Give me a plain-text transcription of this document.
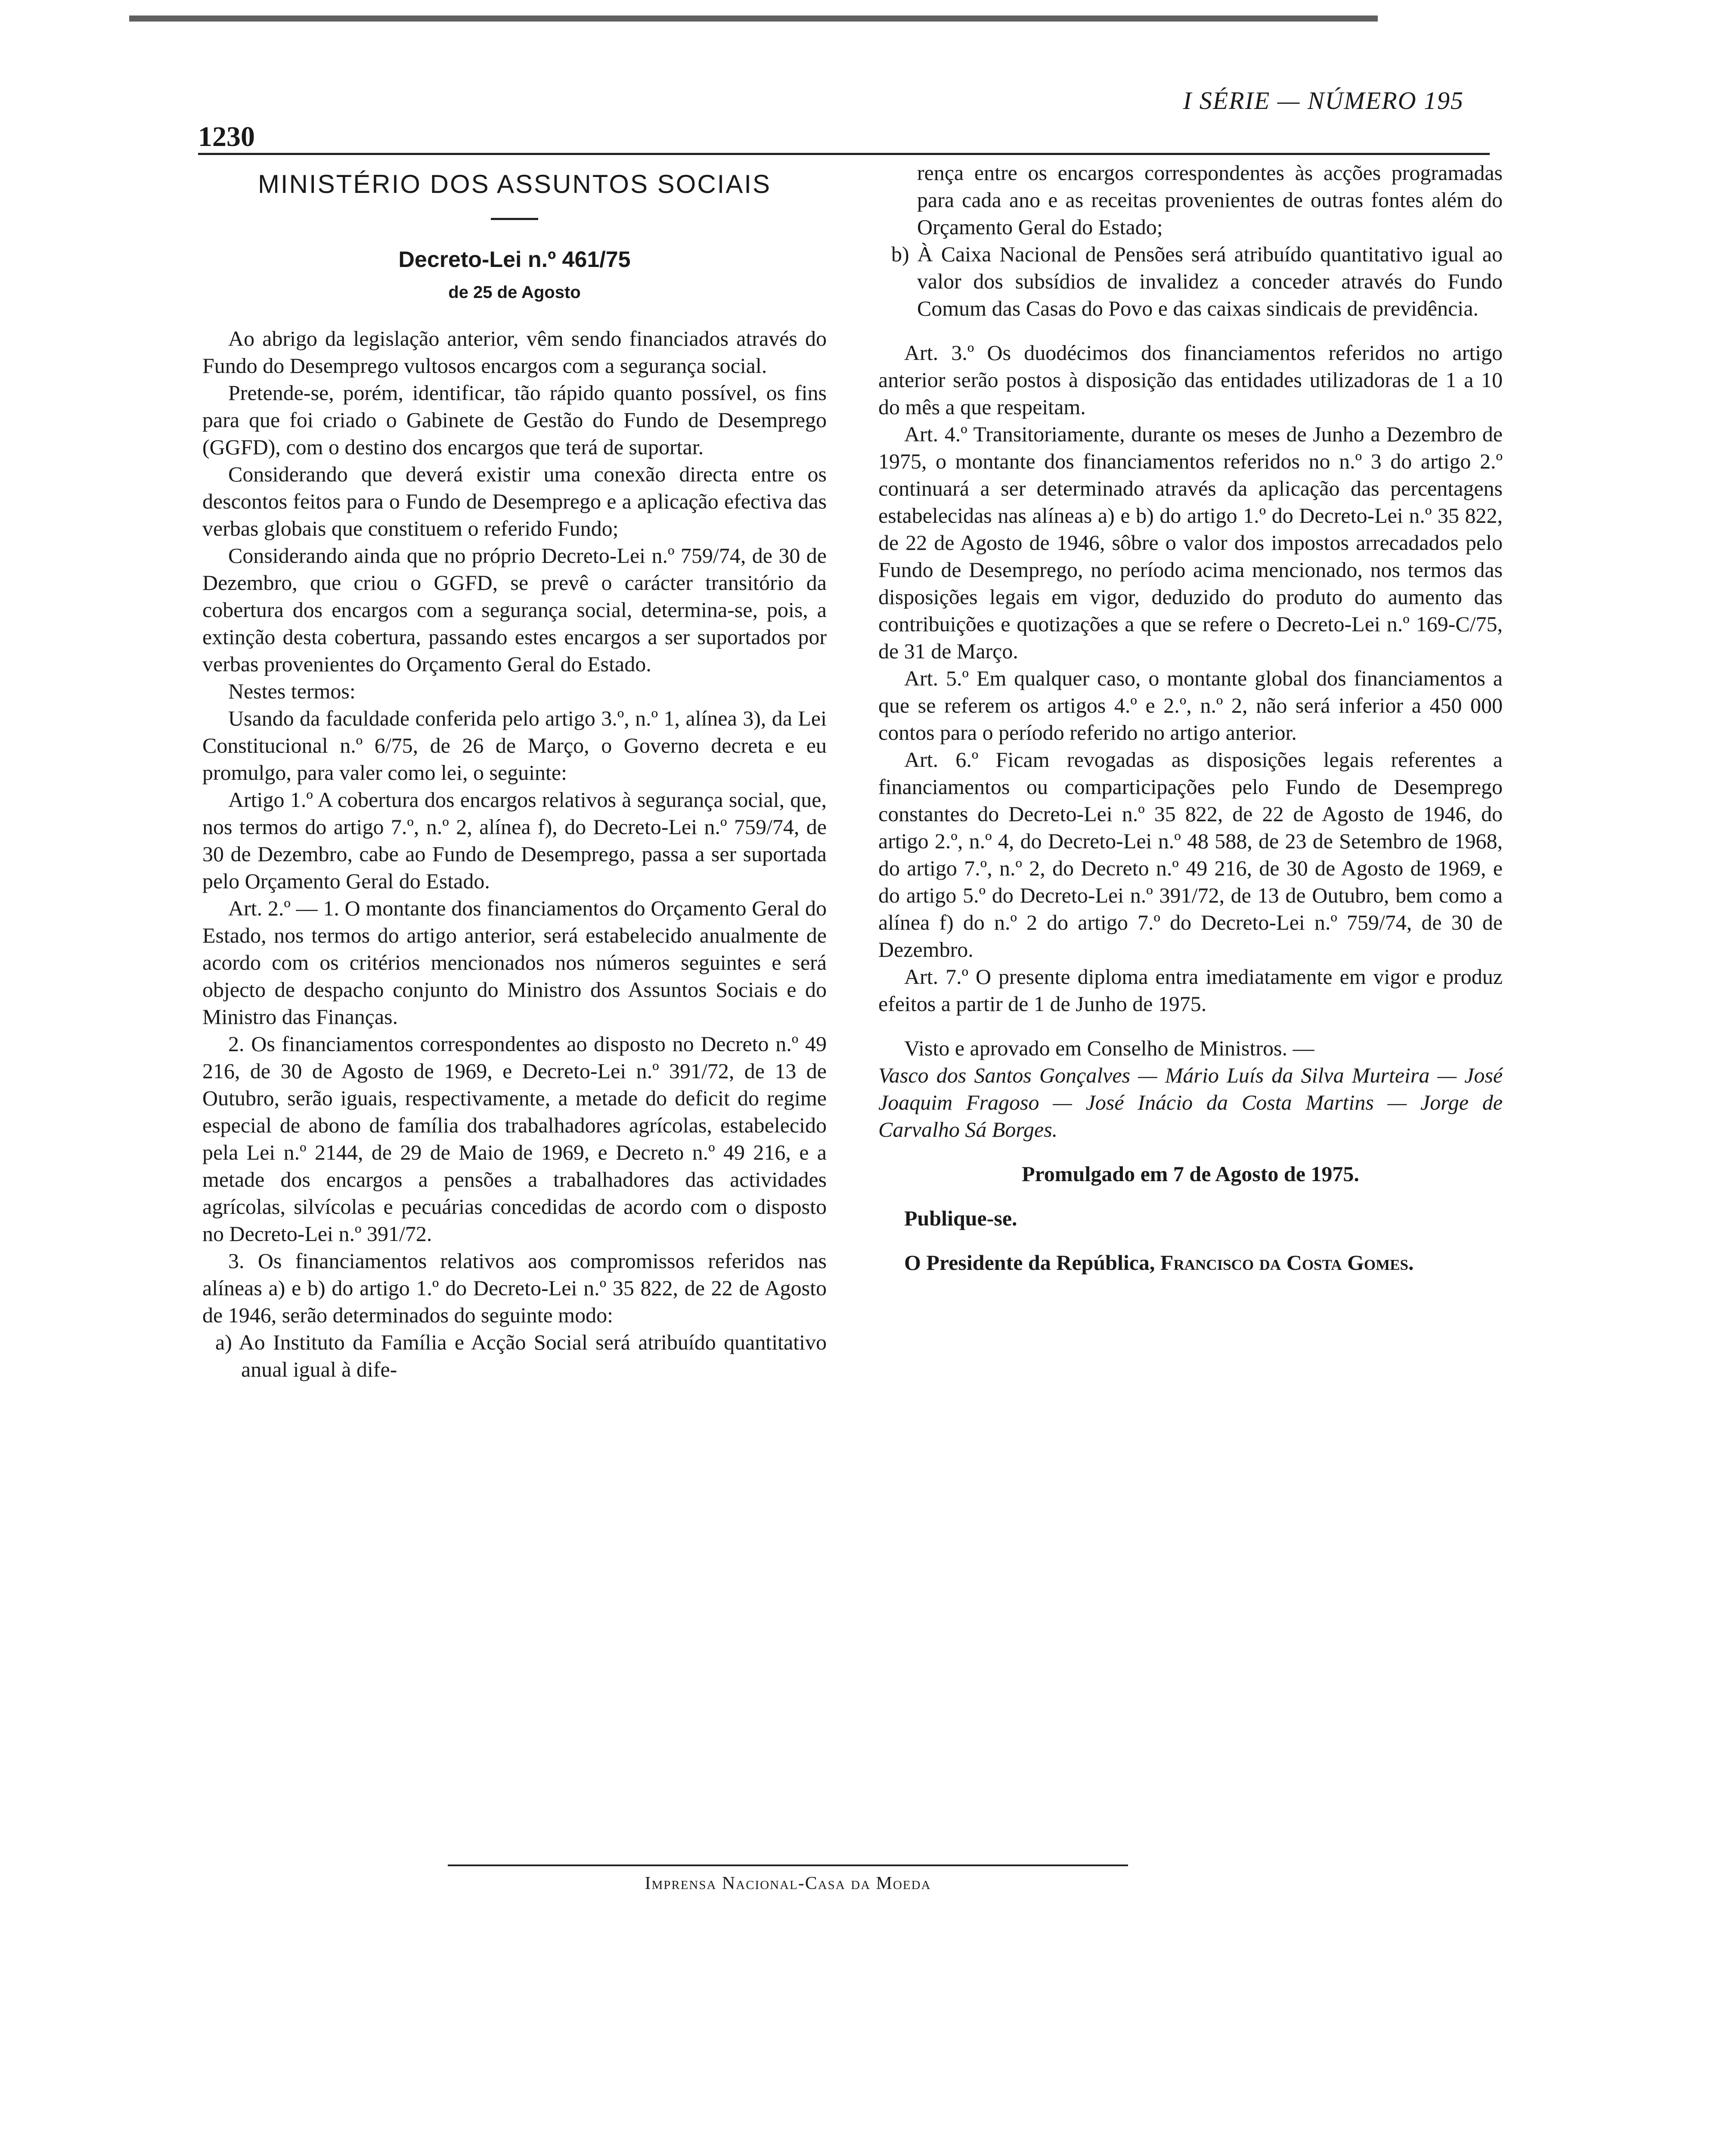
1230
I SÉRIE — NÚMERO 195
MINISTÉRIO DOS ASSUNTOS SOCIAIS
Decreto-Lei n.º 461/75
de 25 de Agosto

Ao abrigo da legislação anterior, vêm sendo financiados através do Fundo do Desemprego vultosos encargos com a segurança social.

Pretende-se, porém, identificar, tão rápido quanto possível, os fins para que foi criado o Gabinete de Gestão do Fundo de Desemprego (GGFD), com o destino dos encargos que terá de suportar.

Considerando que deverá existir uma conexão directa entre os descontos feitos para o Fundo de Desemprego e a aplicação efectiva das verbas globais que constituem o referido Fundo;

Considerando ainda que no próprio Decreto-Lei n.º 759/74, de 30 de Dezembro, que criou o GGFD, se prevê o carácter transitório da cobertura dos encargos com a segurança social, determina-se, pois, a extinção desta cobertura, passando estes encargos a ser suportados por verbas provenientes do Orçamento Geral do Estado.

Nestes termos:

Usando da faculdade conferida pelo artigo 3.º, n.º 1, alínea 3), da Lei Constitucional n.º 6/75, de 26 de Março, o Governo decreta e eu promulgo, para valer como lei, o seguinte:

Artigo 1.º A cobertura dos encargos relativos à segurança social, que, nos termos do artigo 7.º, n.º 2, alínea f), do Decreto-Lei n.º 759/74, de 30 de Dezembro, cabe ao Fundo de Desemprego, passa a ser suportada pelo Orçamento Geral do Estado.

Art. 2.º — 1. O montante dos financiamentos do Orçamento Geral do Estado, nos termos do artigo anterior, será estabelecido anualmente de acordo com os critérios mencionados nos números seguintes e será objecto de despacho conjunto do Ministro dos Assuntos Sociais e do Ministro das Finanças.

2. Os financiamentos correspondentes ao disposto no Decreto n.º 49 216, de 30 de Agosto de 1969, e Decreto-Lei n.º 391/72, de 13 de Outubro, serão iguais, respectivamente, a metade do deficit do regime especial de abono de família dos trabalhadores agrícolas, estabelecido pela Lei n.º 2144, de 29 de Maio de 1969, e Decreto n.º 49 216, e a metade dos encargos a pensões a trabalhadores das actividades agrícolas, silvícolas e pecuárias concedidas de acordo com o disposto no Decreto-Lei n.º 391/72.

3. Os financiamentos relativos aos compromissos referidos nas alíneas a) e b) do artigo 1.º do Decreto-Lei n.º 35 822, de 22 de Agosto de 1946, serão determinados do seguinte modo:

a) Ao Instituto da Família e Acção Social será atribuído quantitativo anual igual à dife-

rença entre os encargos correspondentes às acções programadas para cada ano e as receitas provenientes de outras fontes além do Orçamento Geral do Estado;

b) À Caixa Nacional de Pensões será atribuído quantitativo igual ao valor dos subsídios de invalidez a conceder através do Fundo Comum das Casas do Povo e das caixas sindicais de previdência.

Art. 3.º Os duodécimos dos financiamentos referidos no artigo anterior serão postos à disposição das entidades utilizadoras de 1 a 10 do mês a que respeitam.

Art. 4.º Transitoriamente, durante os meses de Junho a Dezembro de 1975, o montante dos financiamentos referidos no n.º 3 do artigo 2.º continuará a ser determinado através da aplicação das percentagens estabelecidas nas alíneas a) e b) do artigo 1.º do Decreto-Lei n.º 35 822, de 22 de Agosto de 1946, sôbre o valor dos impostos arrecadados pelo Fundo de Desemprego, no período acima mencionado, nos termos das disposições legais em vigor, deduzido do produto do aumento das contribuições e quotizações a que se refere o Decreto-Lei n.º 169-C/75, de 31 de Março.

Art. 5.º Em qualquer caso, o montante global dos financiamentos a que se referem os artigos 4.º e 2.º, n.º 2, não será inferior a 450 000 contos para o período referido no artigo anterior.

Art. 6.º Ficam revogadas as disposições legais referentes a financiamentos ou comparticipações pelo Fundo de Desemprego constantes do Decreto-Lei n.º 35 822, de 22 de Agosto de 1946, do artigo 2.º, n.º 4, do Decreto-Lei n.º 48 588, de 23 de Setembro de 1968, do artigo 7.º, n.º 2, do Decreto n.º 49 216, de 30 de Agosto de 1969, e do artigo 5.º do Decreto-Lei n.º 391/72, de 13 de Outubro, bem como a alínea f) do n.º 2 do artigo 7.º do Decreto-Lei n.º 759/74, de 30 de Dezembro.

Art. 7.º O presente diploma entra imediatamente em vigor e produz efeitos a partir de 1 de Junho de 1975.

Visto e aprovado em Conselho de Ministros. —

Vasco dos Santos Gonçalves — Mário Luís da Silva Murteira — José Joaquim Fragoso — José Inácio da Costa Martins — Jorge de Carvalho Sá Borges.

Promulgado em 7 de Agosto de 1975.

Publique-se.

O Presidente da República, Francisco da Costa Gomes.

Imprensa Nacional-Casa da Moeda
